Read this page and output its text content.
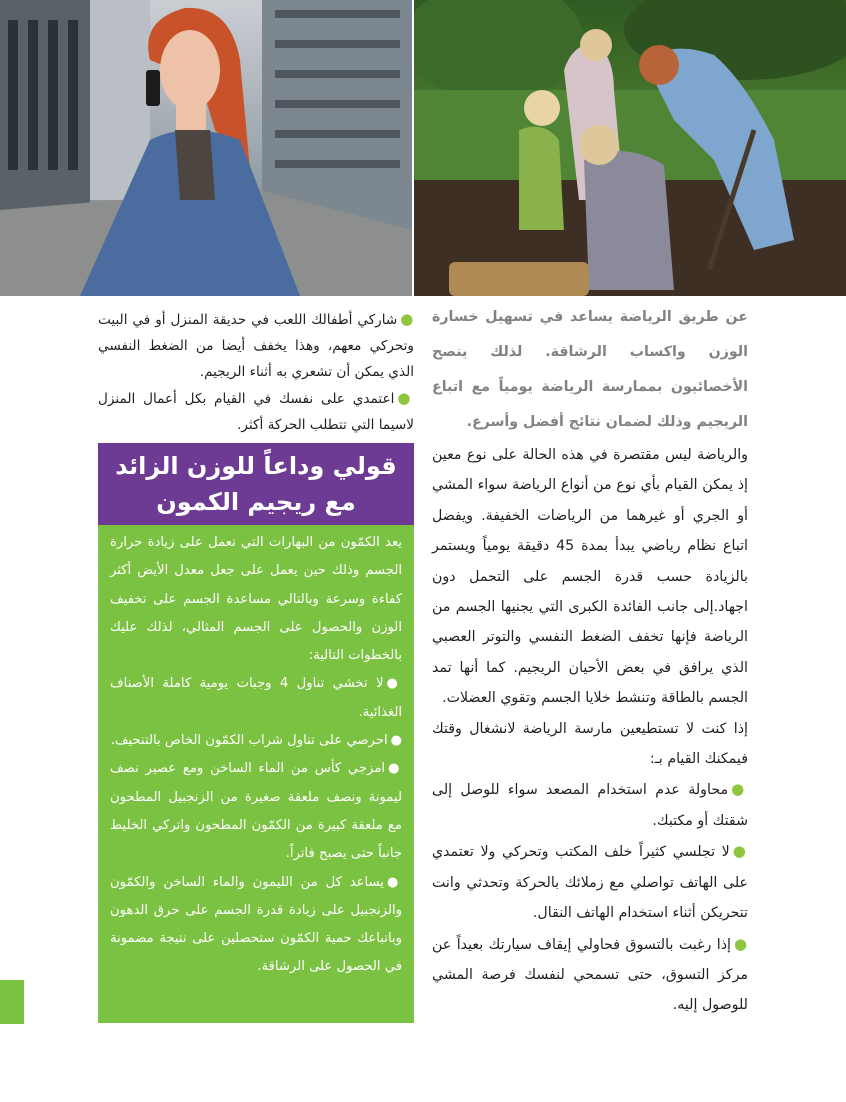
عن طريق الرياضة يساعد في تسهيل خسارة الوزن واكساب الرشاقة. لذلك ينصح الأخصائيون بممارسة الرياضة يومياً مع اتباع الريجيم وذلك لضمان نتائج أفضل وأسرع.

والرياضة ليس مقتصرة في هذه الحالة على نوع معين إذ يمكن القيام بأي نوع من أنواع الرياضة سواء المشي أو الجري أو غيرهما من الرياضات الخفيفة. ويفضل اتباع نظام رياضي يبدأ بمدة 45 دقيقة يومياً ويستمر بالزيادة حسب قدرة الجسم على التحمل دون اجهاد.إلى جانب الفائدة الكبرى التي يجنيها الجسم من الرياضة فإنها تخفف الضغط النفسي والتوتر العصبي الذي يرافق في بعض الأحيان الريجيم. كما أنها تمد الجسم بالطاقة وتنشط خلايا الجسم وتقوي العضلات.

إذا كنت لا تستطيعين مارسة الرياضة لانشغال وقتك فيمكنك القيام بـ:

●محاولة عدم استخدام المصعد سواء للوصل إلى شقتك أو مكتبك.

●لا تجلسي كثيراً خلف المكتب وتحركي ولا تعتمدي على الهاتف تواصلي مع زملائك بالحركة وتحدثي وانت تتحريكن أثناء استخدام الهاتف النقال.

●إذا رغبت بالتسوق فحاولي إيقاف سيارتك بعيداً عن مركز التسوق، حتى تسمحي لنفسك فرصة المشي للوصول إليه.

●شاركي أطفالك اللعب في حديقة المنزل أو في البيت وتحركي معهم، وهذا يخفف أيضا من الضغط النفسي الذي يمكن أن تشعري به أثناء الريجيم.

●اعتمدي على نفسك في القيام بكل أعمال المنزل لاسيما التي تتطلب الحركة أكثر.

قولي وداعاً للوزن الزائد
مع ريجيم الكمون

يعد الكمّون من البهارات التي تعمل على زيادة حرارة الجسم وذلك حين يعمل على جعل معدل الأيض أكثر كفاءة وسرعة وبالتالي مساعدة الجسم على تخفيف الوزن والحصول على الجسم المثالي، لذلك عليك بالخطوات التالية:

●لا تخشي تناول 4 وجبات يومية كاملة الأصناف الغذائية.

●احرصي على تناول شراب الكمّون الخاص بالتنحيف.

●امزجي كأس من الماء الساخن ومع عصير نصف ليمونة ونصف ملعقة صغيرة من الزنجبيل المطحون مع ملعقة كبيرة من الكمّون المطحون واتركي الخليط جانباً حتى يصبح فاتراً.

●يساعد كل من الليمون والماء الساخن والكمّون والزنجبيل على زيادة قدرة الجسم على حرق الدهون وباتباعك حمية الكمّون ستحصلين على نتيجة مضمونة في الحصول على الرشاقة.
